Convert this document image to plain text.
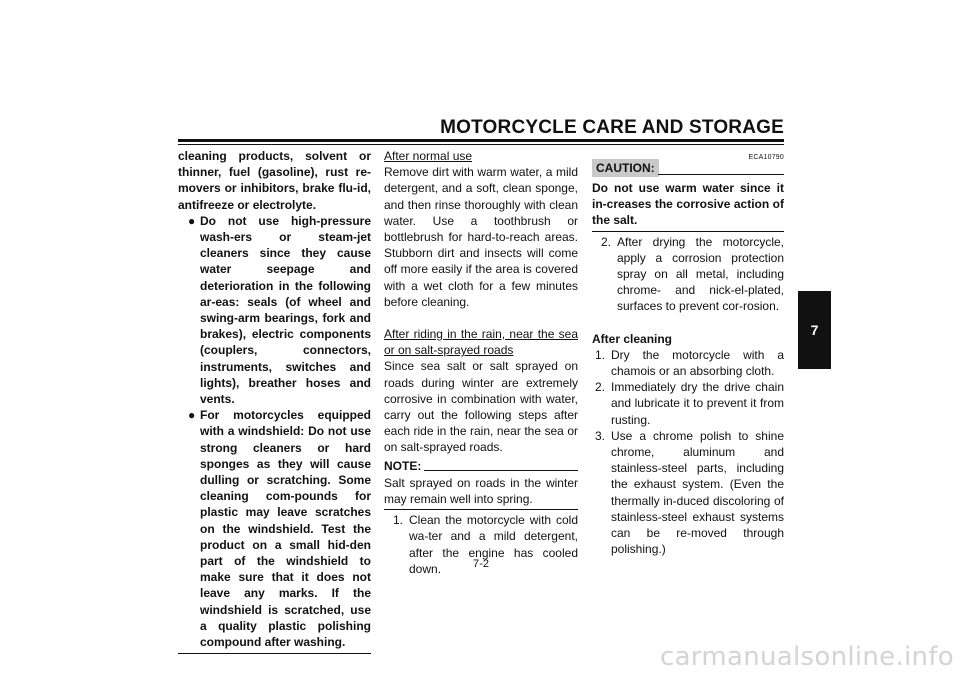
MOTORCYCLE CARE AND STORAGE

cleaning products, solvent or thinner, fuel (gasoline), rust re-movers or inhibitors, brake flu-id, antifreeze or electrolyte.

● Do not use high-pressure wash-ers or steam-jet cleaners since they cause water seepage and deterioration in the following ar-eas: seals (of wheel and swing-arm bearings, fork and brakes), electric components (couplers, connectors, instruments, switches and lights), breather hoses and vents.
● For motorcycles equipped with a windshield: Do not use strong cleaners or hard sponges as they will cause dulling or scratching. Some cleaning com-pounds for plastic may leave scratches on the windshield. Test the product on a small hid-den part of the windshield to make sure that it does not leave any marks. If the windshield is scratched, use a quality plastic polishing compound after washing.

After normal use

Remove dirt with warm water, a mild detergent, and a soft, clean sponge, and then rinse thoroughly with clean water. Use a toothbrush or bottlebrush for hard-to-reach areas. Stubborn dirt and insects will come off more easily if the area is covered with a wet cloth for a few minutes before cleaning.

After riding in the rain, near the sea or on salt-sprayed roads

Since sea salt or salt sprayed on roads during winter are extremely corrosive in combination with water, carry out the following steps after each ride in the rain, near the sea or on salt-sprayed roads.

NOTE:

Salt sprayed on roads in the winter may remain well into spring.

1. Clean the motorcycle with cold wa-ter and a mild detergent, after the engine has cooled down.
ECA10790
CAUTION:

Do not use warm water since it in-creases the corrosive action of the salt.

2. After drying the motorcycle, apply a corrosion protection spray on all metal, including chrome- and nick-el-plated, surfaces to prevent cor-rosion.

After cleaning

1. Dry the motorcycle with a chamois or an absorbing cloth.
2. Immediately dry the drive chain and lubricate it to prevent it from rusting.
3. Use a chrome polish to shine chrome, aluminum and stainless-steel parts, including the exhaust system. (Even the thermally in-duced discoloring of stainless-steel exhaust systems can be re-moved through polishing.)
7
7-2
carmanualsonline.info
